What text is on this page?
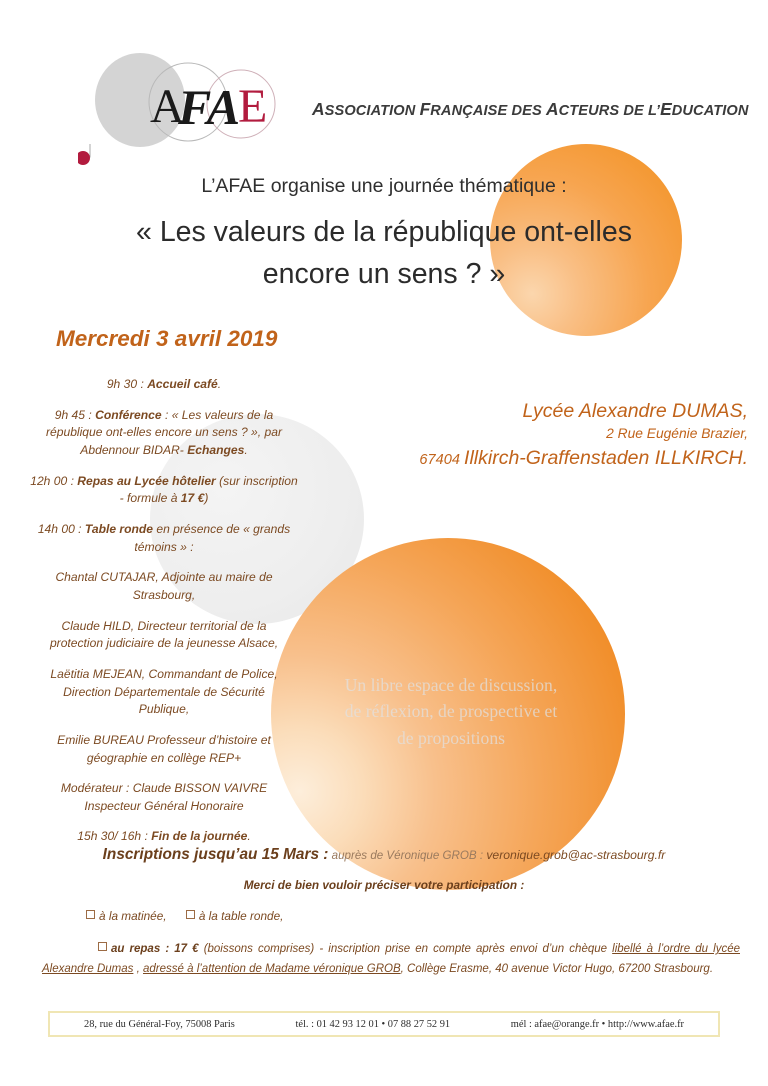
A
FA
E	ASSOCIATION FRANÇAISE DES ACTEURS DE L’EDUCATION
L’AFAE organise une journée thématique :
« Les valeurs de la république ont-elles
encore un sens ? »
Mercredi 3 avril 2019
9h 30 : Accueil café.
9h 45 : Conférence : « Les valeurs de la république ont-elles encore un sens ? », par Abdennour BIDAR- Echanges.
12h 00 : Repas au Lycée hôtelier (sur inscription - formule à 17 €)
14h 00 : Table ronde en présence de « grands témoins » :
Chantal CUTAJAR, Adjointe au maire de Strasbourg,
Claude HILD, Directeur territorial de la protection judiciaire de la jeunesse Alsace,
Laëtitia MEJEAN, Commandant de Police, Direction Départementale de Sécurité Publique,
Emilie BUREAU Professeur d’histoire et géographie en collège REP+
Modérateur : Claude BISSON VAIVRE Inspecteur Général Honoraire
15h 30/ 16h : Fin de la journée.
Lycée Alexandre DUMAS,
2 Rue Eugénie Brazier,
67404 Illkirch-Graffenstaden ILLKIRCH.
Un libre espace de discussion,
de réflexion, de prospective et
de propositions
Inscriptions jusqu’au 15 Mars : auprès de Véronique GROB : veronique.grob@ac-strasbourg.fr
Merci de bien vouloir préciser votre participation :
à la matinée,	à la table ronde,
au repas : 17 € (boissons comprises) - inscription prise en compte après envoi d’un chèque libellé à l’ordre du lycée Alexandre Dumas , adressé à l’attention de Madame véronique GROB, Collège Erasme, 40 avenue Victor Hugo, 67200 Strasbourg.
28, rue du Général-Foy, 75008 Paris	tél. : 01 42 93 12 01 • 07 88 27 52 91	mél : afae@orange.fr • http://www.afae.fr
